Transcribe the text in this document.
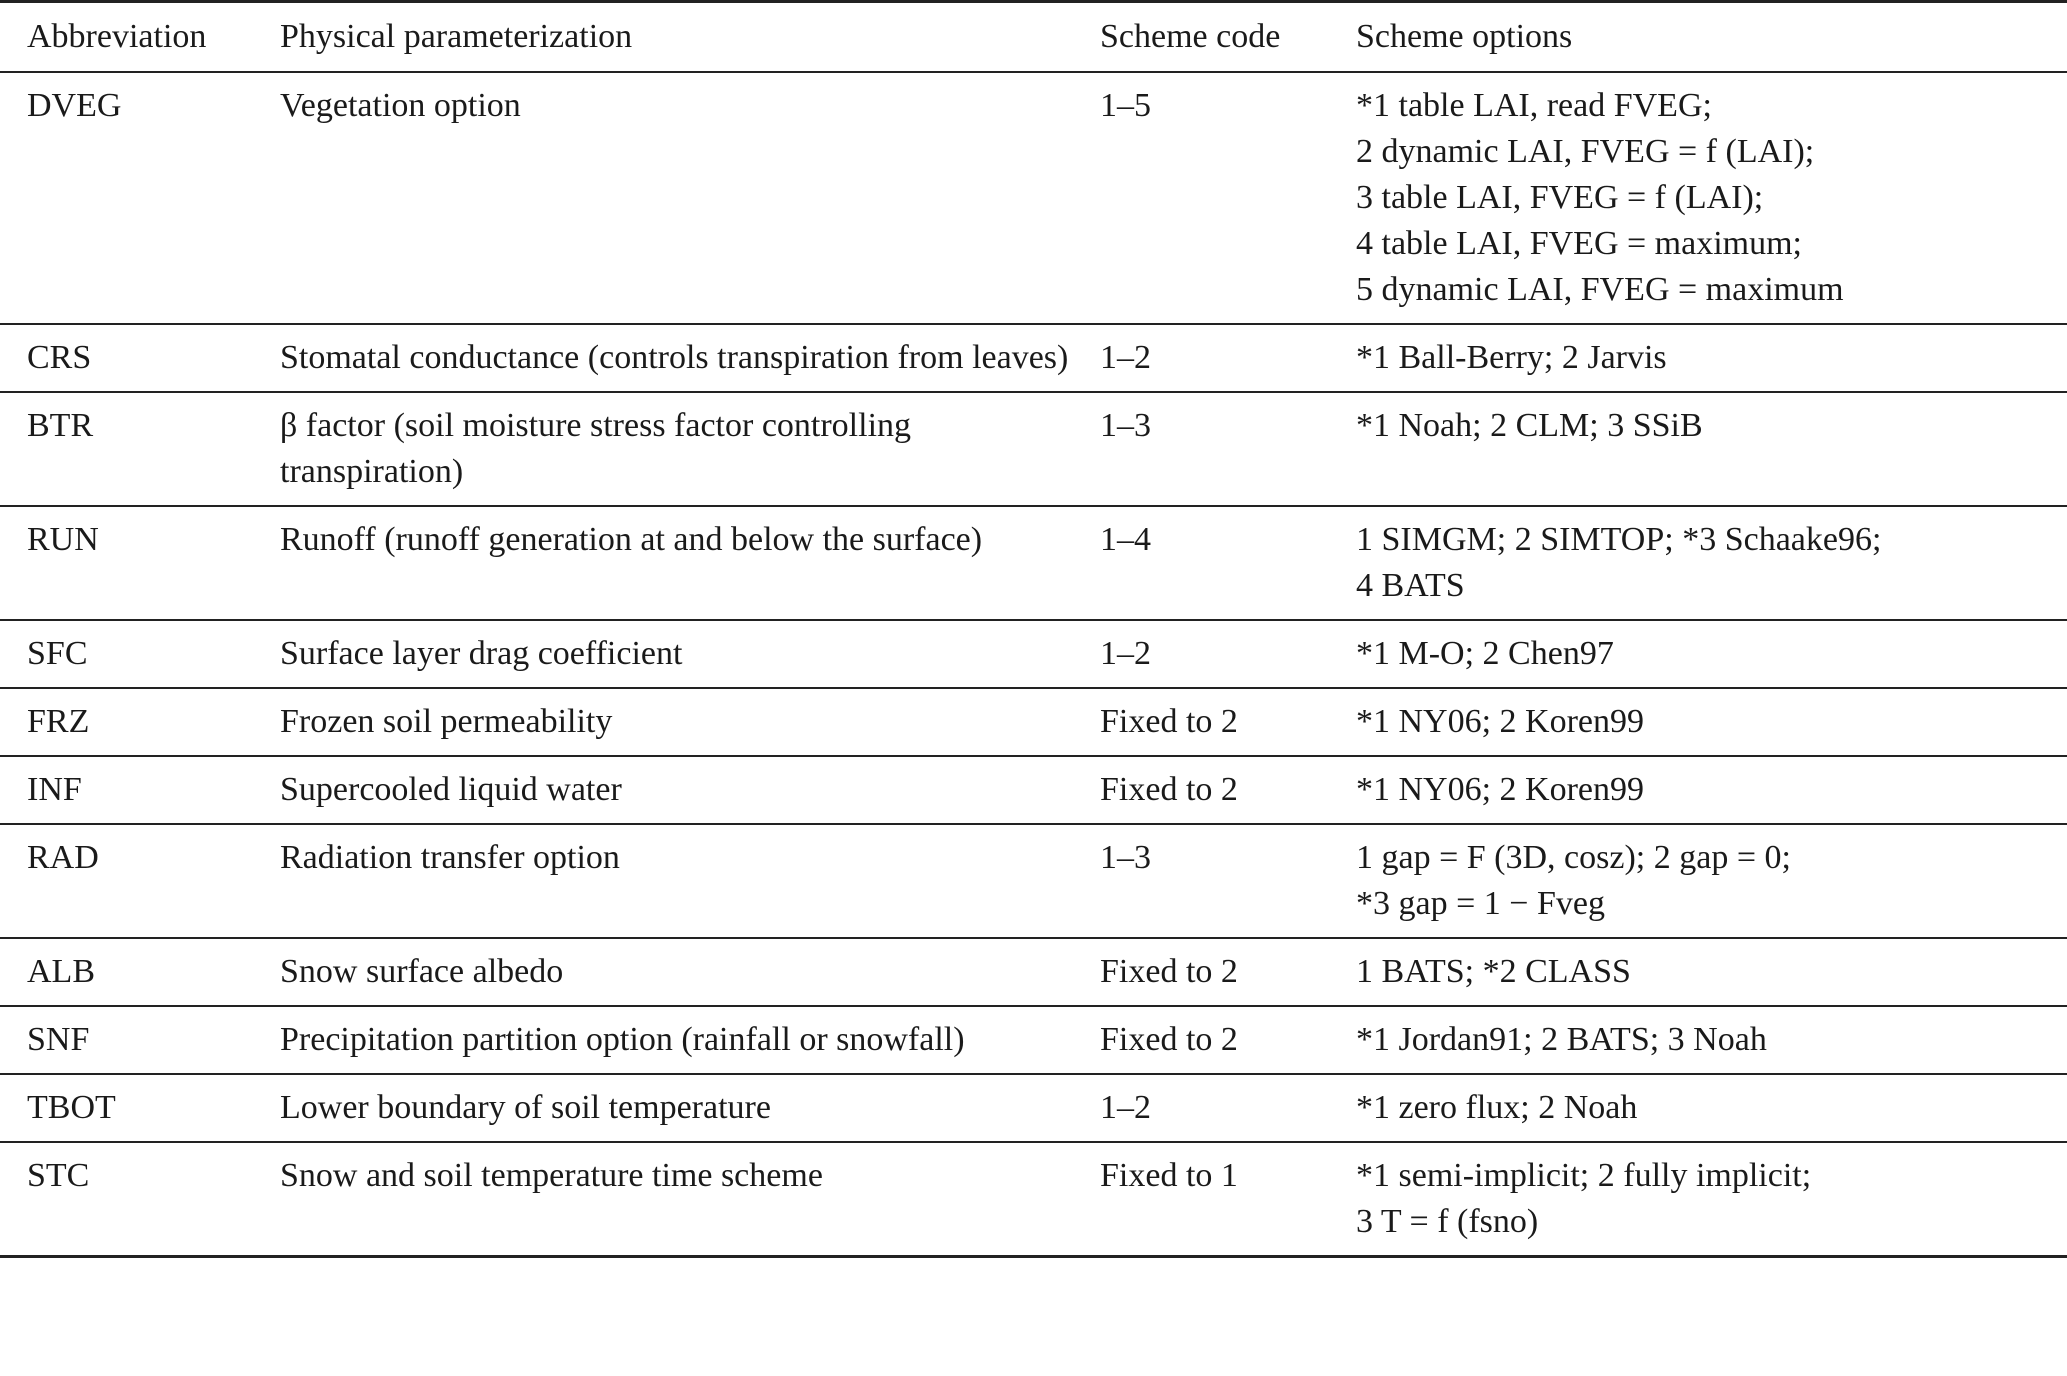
Abbreviation	Physical parameterization	Scheme code	Scheme options
DVEG	Vegetation option	1–5	*1 table LAI, read FVEG;
2 dynamic LAI, FVEG = f (LAI);
3 table LAI, FVEG = f (LAI);
4 table LAI, FVEG = maximum;
5 dynamic LAI, FVEG = maximum

CRS	Stomatal conductance (controls transpiration from leaves)	1–2	*1 Ball-Berry; 2 Jarvis

BTR	β factor (soil moisture stress factor controlling transpiration)	1–3	*1 Noah; 2 CLM; 3 SSiB

RUN	Runoff (runoff generation at and below the surface)	1–4	1 SIMGM; 2 SIMTOP; *3 Schaake96;
4 BATS

SFC	Surface layer drag coefficient	1–2	*1 M-O; 2 Chen97

FRZ	Frozen soil permeability	Fixed to 2	*1 NY06; 2 Koren99

INF	Supercooled liquid water	Fixed to 2	*1 NY06; 2 Koren99

RAD	Radiation transfer option	1–3	1 gap = F (3D, cosz); 2 gap = 0;
*3 gap = 1 − Fveg

ALB	Snow surface albedo	Fixed to 2	1 BATS; *2 CLASS

SNF	Precipitation partition option (rainfall or snowfall)	Fixed to 2	*1 Jordan91; 2 BATS; 3 Noah

TBOT	Lower boundary of soil temperature	1–2	*1 zero flux; 2 Noah

STC	Snow and soil temperature time scheme	Fixed to 1	*1 semi-implicit; 2 fully implicit;
3 T = f (fsno)
